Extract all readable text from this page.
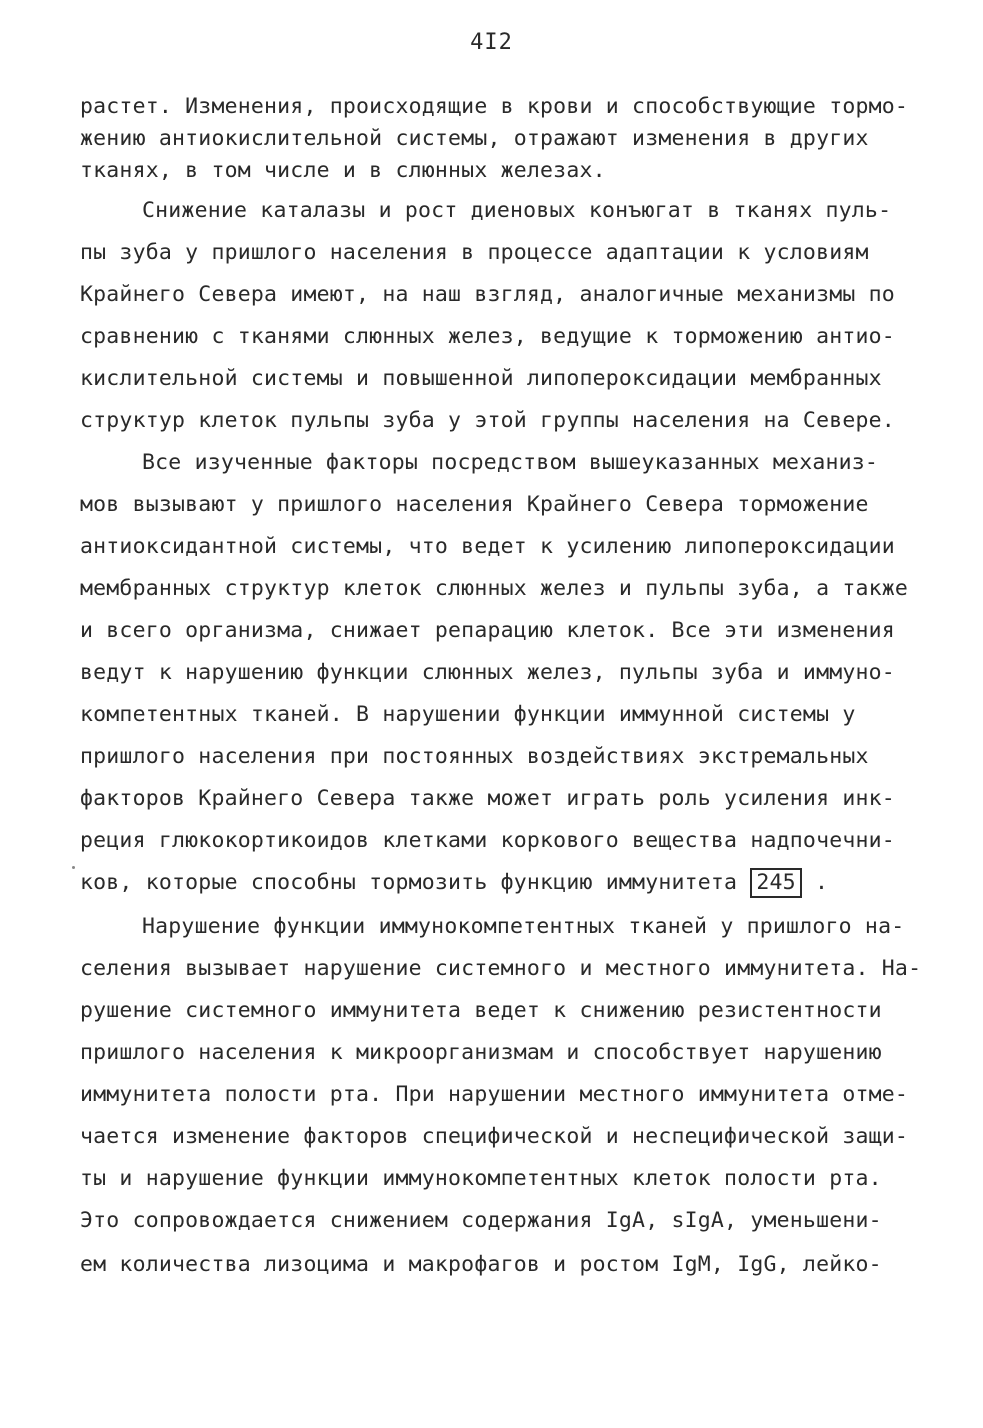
4I2
растет. Изменения, происходящие в крови и способствующие тормо-
жению антиокислительной системы, отражают изменения в других
тканях, в том числе и в слюнных железах.
Снижение каталазы и рост диеновых конъюгат в тканях пуль-
пы зуба у пришлого населения в процессе адаптации к условиям
Крайнего Севера имеют, на наш взгляд, аналогичные механизмы по
сравнению с тканями слюнных желез, ведущие к торможению антио-
кислительной системы и повышенной липопероксидации мембранных
структур клеток пульпы зуба у этой группы населения на Севере.
Все изученные факторы посредством вышеуказанных механиз-
мов вызывают у пришлого населения Крайнего Севера торможение
антиоксидантной системы, что ведет к усилению липопероксидации
мембранных структур клеток слюнных желез и пульпы зуба, а также
и всего организма, снижает репарацию клеток. Все эти изменения
ведут к нарушению функции слюнных желез, пульпы зуба и иммуно-
компетентных тканей. В нарушении функции иммунной системы у
пришлого населения при постоянных воздействиях экстремальных
факторов Крайнего Севера также может играть роль усиления инк-
реция глюкокортикоидов клетками коркового вещества надпочечни-
ков, которые способны тормозить функцию иммунитета 245 .
Нарушение функции иммунокомпетентных тканей у пришлого на-
селения вызывает нарушение системного и местного иммунитета. На-
рушение системного иммунитета ведет к снижению резистентности
пришлого населения к микроорганизмам и способствует нарушению
иммунитета полости рта. При нарушении местного иммунитета отме-
чается изменение факторов специфической и неспецифической защи-
ты и нарушение функции иммунокомпетентных клеток полости рта.
Это сопровождается снижением содержания IgA, sIgA, уменьшени-
ем количества лизоцима и макрофагов и ростом IgM, IgG, лейко-
